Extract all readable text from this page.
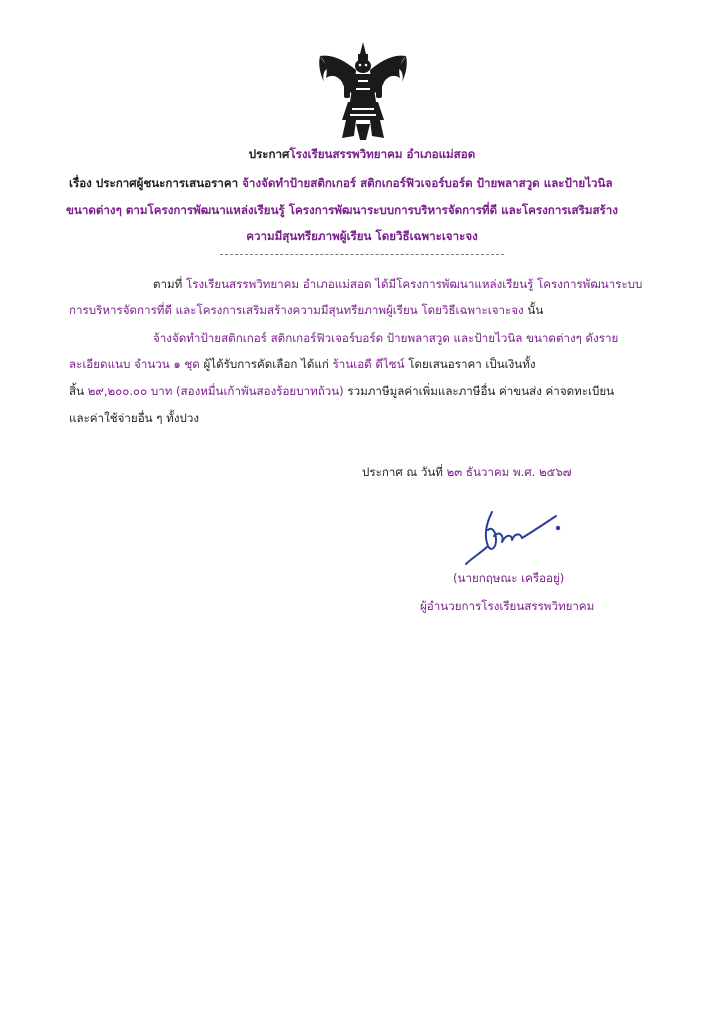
ประกาศโรงเรียนสรรพวิทยาคม อำเภอแม่สอด
เรื่อง ประกาศผู้ชนะการเสนอราคา จ้างจัดทำป้ายสติกเกอร์ สติกเกอร์ฟิวเจอร์บอร์ด ป้ายพลาสวูด และป้ายไวนิล
ขนาดต่างๆ ตามโครงการพัฒนาแหล่งเรียนรู้ โครงการพัฒนาระบบการบริหารจัดการที่ดี และโครงการเสริมสร้าง
ความมีสุนทรียภาพผู้เรียน โดยวิธีเฉพาะเจาะจง
ตามที่ โรงเรียนสรรพวิทยาคม อำเภอแม่สอด ได้มีโครงการพัฒนาแหล่งเรียนรู้ โครงการพัฒนาระบบ
การบริหารจัดการที่ดี และโครงการเสริมสร้างความมีสุนทรียภาพผู้เรียน โดยวิธีเฉพาะเจาะจง นั้น
จ้างจัดทำป้ายสติกเกอร์ สติกเกอร์ฟิวเจอร์บอร์ด ป้ายพลาสวูด และป้ายไวนิล ขนาดต่างๆ ดังราย
ละเอียดแนบ จำนวน ๑ ชุด ผู้ได้รับการคัดเลือก ได้แก่ ร้านเอดี ดีไซน์ โดยเสนอราคา เป็นเงินทั้ง
สิ้น ๒๙,๒๐๐.๐๐ บาท (สองหมื่นเก้าพันสองร้อยบาทถ้วน) รวมภาษีมูลค่าเพิ่มและภาษีอื่น ค่าขนส่ง ค่าจดทะเบียน
และค่าใช้จ่ายอื่น ๆ ทั้งปวง
ประกาศ ณ วันที่ ๒๓ ธันวาคม พ.ศ. ๒๕๖๗
(นายกฤษณะ เครืออยู่)
ผู้อำนวยการโรงเรียนสรรพวิทยาคม
